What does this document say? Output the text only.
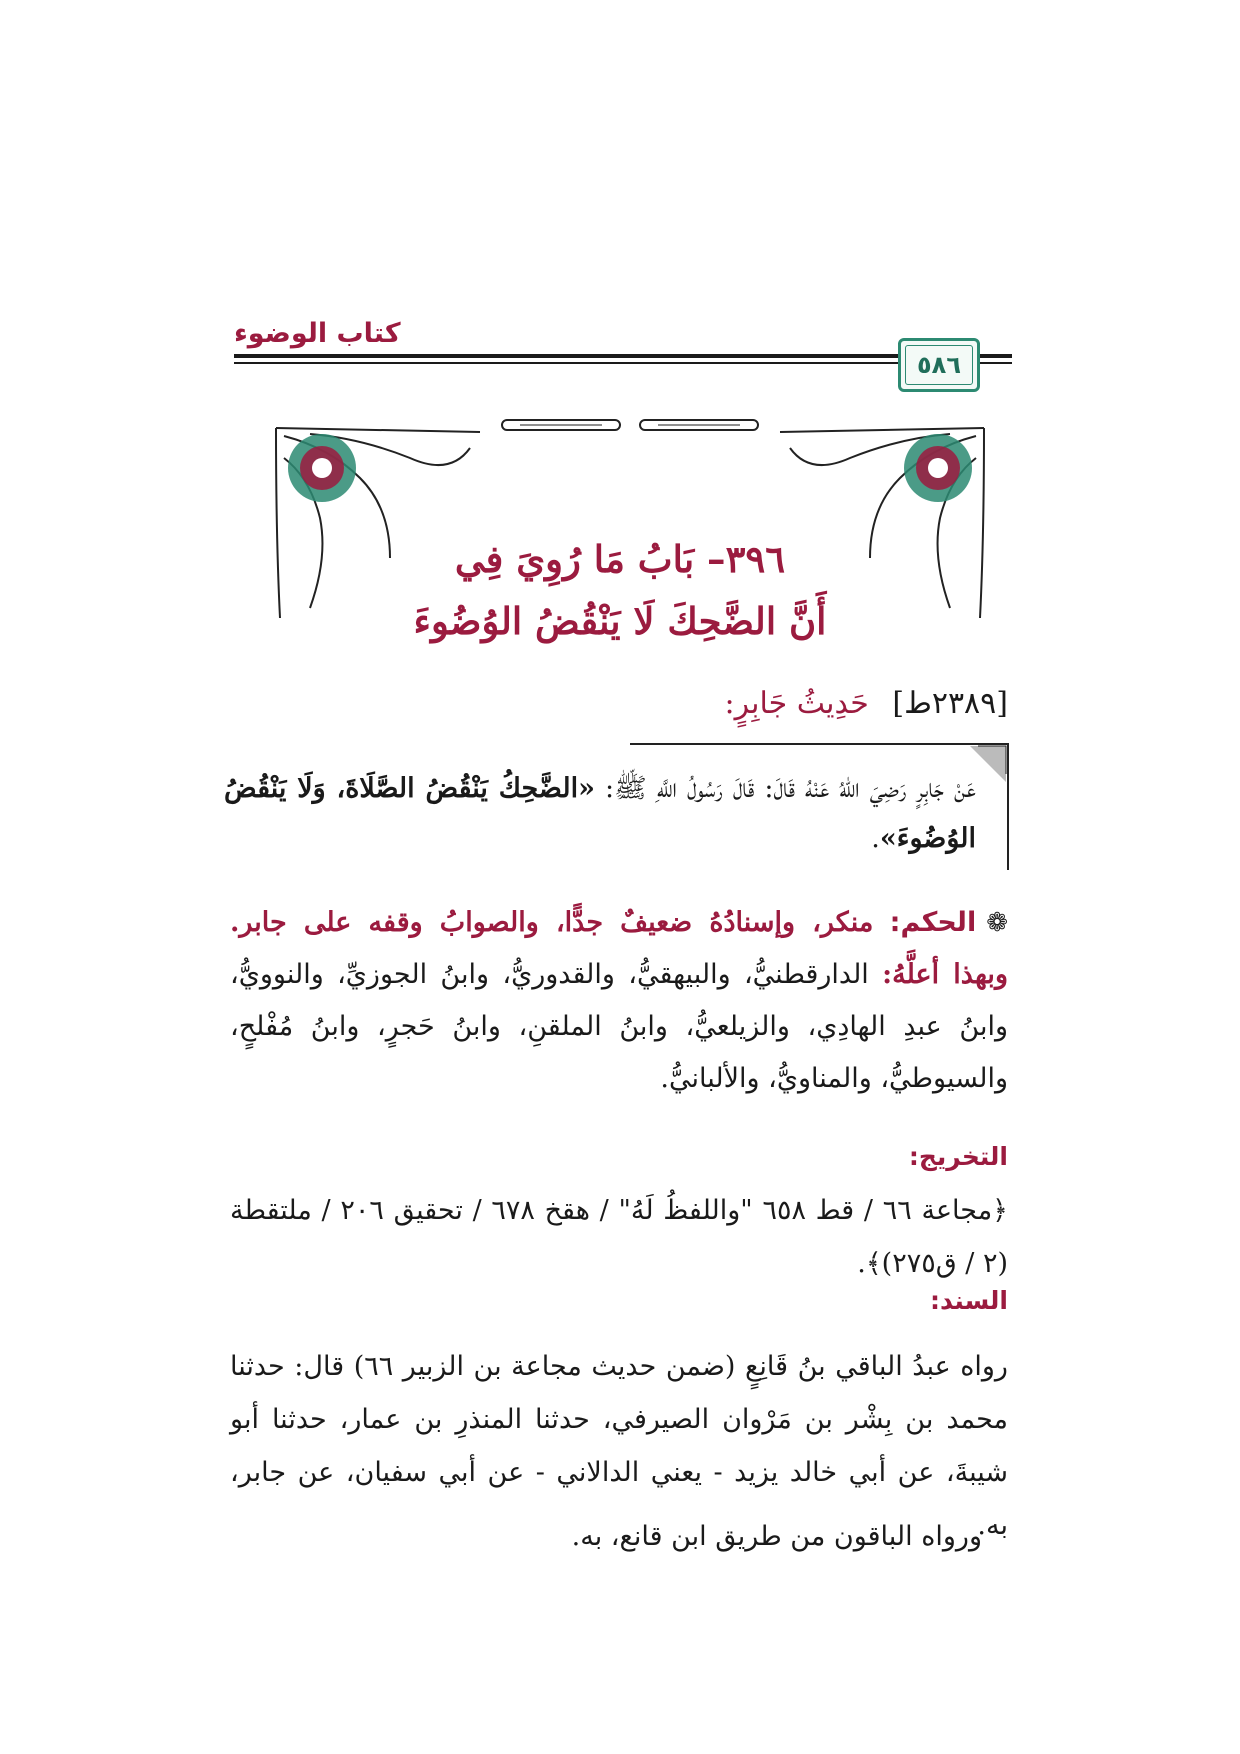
كتاب الوضوء
٥٨٦
٣٩٦– بَابُ مَا رُوِيَ فِي
أَنَّ الضَّحِكَ لَا يَنْقُضُ الوُضُوءَ
[٢٣٨٩ط] حَدِيثُ جَابِرٍ:
عَنْ جَابِرٍ رَضِيَ اللهُ عَنْهُ قَالَ: قَالَ رَسُولُ اللَّهِ ﷺ: «الضَّحِكُ يَنْقُضُ الصَّلَاةَ، وَلَا يَنْقُضُ الوُضُوءَ».
❁الحكم: منكر، وإسنادُهُ ضعيفٌ جدًّا، والصوابُ وقفه على جابر. وبهذا أعلَّهُ: الدارقطنيُّ، والبيهقيُّ، والقدوريُّ، وابنُ الجوزيِّ، والنوويُّ، وابنُ عبدِ الهادِي، والزيلعيُّ، وابنُ الملقنِ، وابنُ حَجرٍ، وابنُ مُفْلحٍ، والسيوطيُّ، والمناويُّ، والألبانيُّ.
التخريج:
﴿مجاعة ٦٦ / قط ٦٥٨ "واللفظُ لَهُ" / هقخ ٦٧٨ / تحقيق ٢٠٦ / ملتقطة (٢ / ق٢٧٥)﴾.
السند:
رواه عبدُ الباقي بنُ قَانِعٍ (ضمن حديث مجاعة بن الزبير ٦٦) قال: حدثنا محمد بن بِشْر بن مَرْوان الصيرفي، حدثنا المنذرِ بن عمار، حدثنا أبو شيبةَ، عن أبي خالد يزيد - يعني الدالاني - عن أبي سفيان، عن جابر، به.
ورواه الباقون من طريق ابن قانع، به.
